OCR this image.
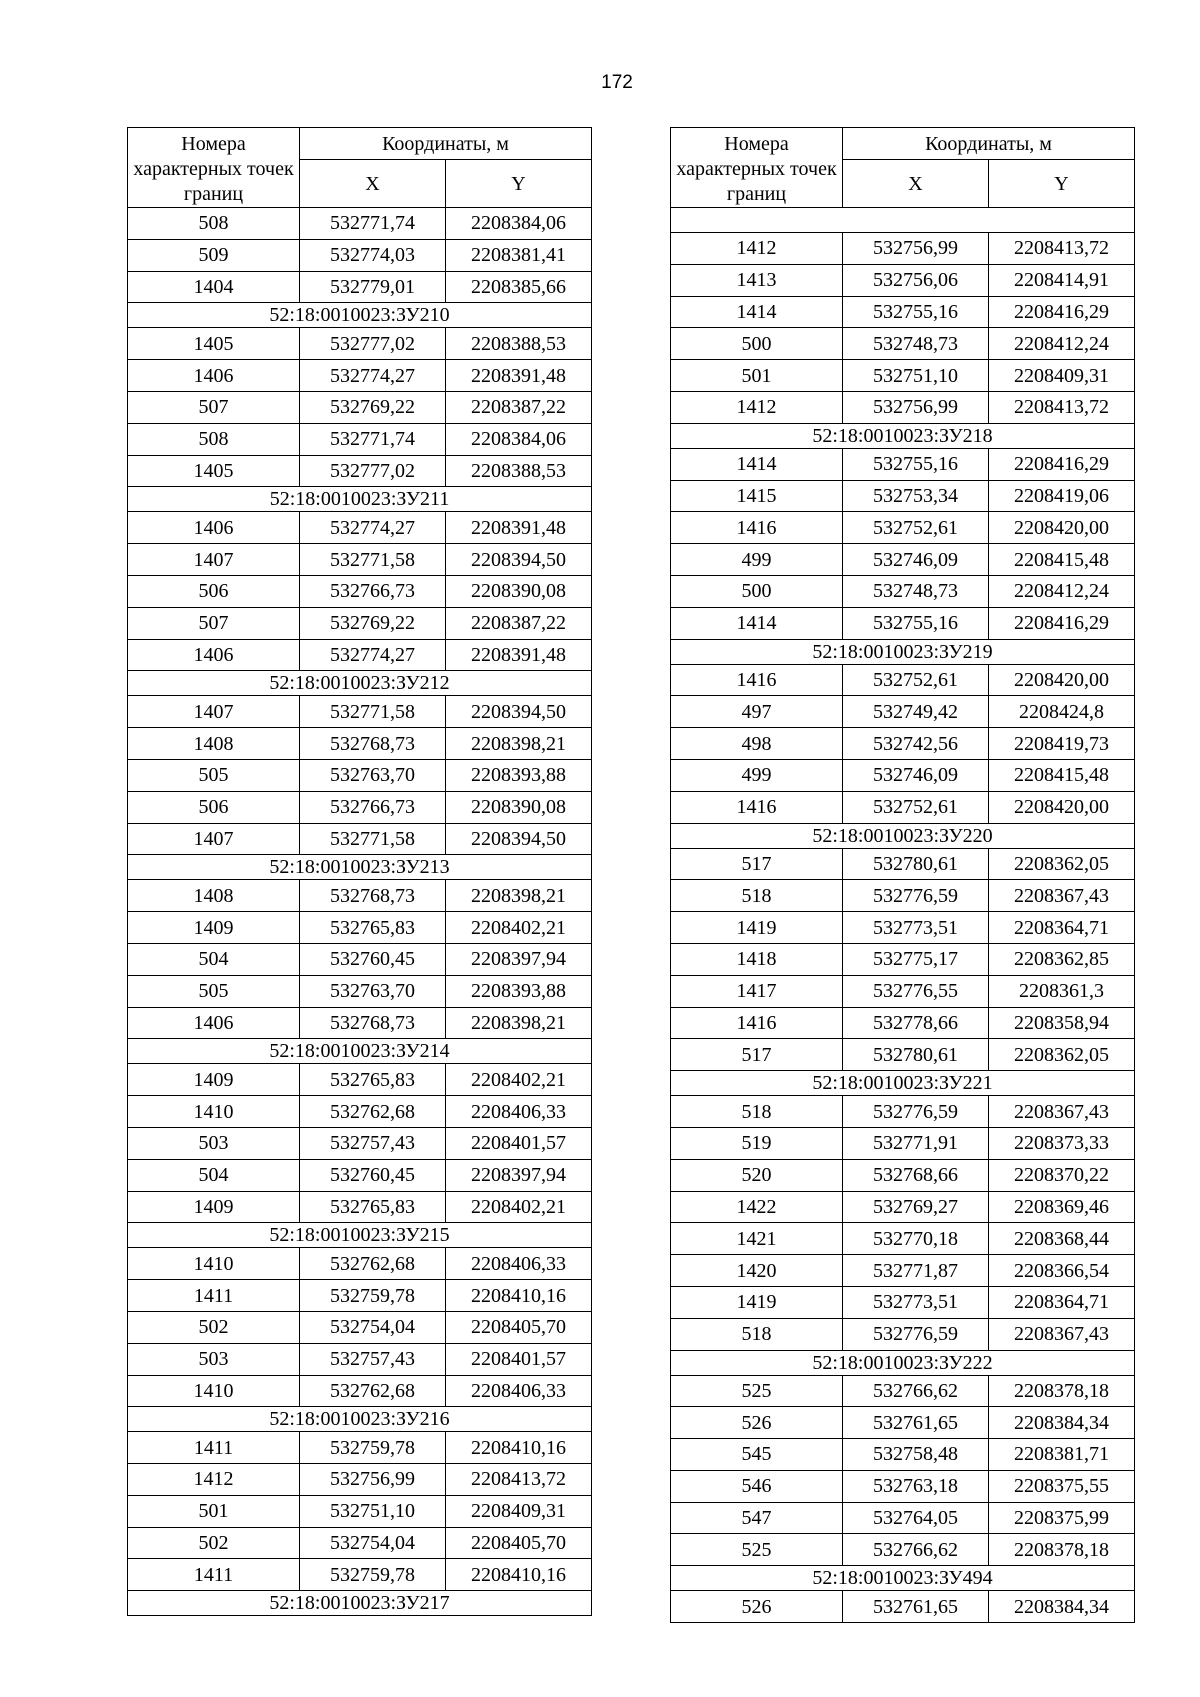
172
Номера характерных точек границ	Координаты, м	
	X	Y
508	532771,74	2208384,06
509	532774,03	2208381,41
1404	532779,01	2208385,66
52:18:0010023:ЗУ210		
1405	532777,02	2208388,53
1406	532774,27	2208391,48
507	532769,22	2208387,22
508	532771,74	2208384,06
1405	532777,02	2208388,53
52:18:0010023:ЗУ211		
1406	532774,27	2208391,48
1407	532771,58	2208394,50
506	532766,73	2208390,08
507	532769,22	2208387,22
1406	532774,27	2208391,48
52:18:0010023:ЗУ212		
1407	532771,58	2208394,50
1408	532768,73	2208398,21
505	532763,70	2208393,88
506	532766,73	2208390,08
1407	532771,58	2208394,50
52:18:0010023:ЗУ213		
1408	532768,73	2208398,21
1409	532765,83	2208402,21
504	532760,45	2208397,94
505	532763,70	2208393,88
1406	532768,73	2208398,21
52:18:0010023:ЗУ214		
1409	532765,83	2208402,21
1410	532762,68	2208406,33
503	532757,43	2208401,57
504	532760,45	2208397,94
1409	532765,83	2208402,21
52:18:0010023:ЗУ215		
1410	532762,68	2208406,33
1411	532759,78	2208410,16
502	532754,04	2208405,70
503	532757,43	2208401,57
1410	532762,68	2208406,33
52:18:0010023:ЗУ216		
1411	532759,78	2208410,16
1412	532756,99	2208413,72
501	532751,10	2208409,31
502	532754,04	2208405,70
1411	532759,78	2208410,16
52:18:0010023:ЗУ217		
Номера характерных точек границ	Координаты, м	
	X	Y

1412	532756,99	2208413,72
1413	532756,06	2208414,91
1414	532755,16	2208416,29
500	532748,73	2208412,24
501	532751,10	2208409,31
1412	532756,99	2208413,72
52:18:0010023:ЗУ218		
1414	532755,16	2208416,29
1415	532753,34	2208419,06
1416	532752,61	2208420,00
499	532746,09	2208415,48
500	532748,73	2208412,24
1414	532755,16	2208416,29
52:18:0010023:ЗУ219		
1416	532752,61	2208420,00
497	532749,42	2208424,8
498	532742,56	2208419,73
499	532746,09	2208415,48
1416	532752,61	2208420,00
52:18:0010023:ЗУ220		
517	532780,61	2208362,05
518	532776,59	2208367,43
1419	532773,51	2208364,71
1418	532775,17	2208362,85
1417	532776,55	2208361,3
1416	532778,66	2208358,94
517	532780,61	2208362,05
52:18:0010023:ЗУ221		
518	532776,59	2208367,43
519	532771,91	2208373,33
520	532768,66	2208370,22
1422	532769,27	2208369,46
1421	532770,18	2208368,44
1420	532771,87	2208366,54
1419	532773,51	2208364,71
518	532776,59	2208367,43
52:18:0010023:ЗУ222		
525	532766,62	2208378,18
526	532761,65	2208384,34
545	532758,48	2208381,71
546	532763,18	2208375,55
547	532764,05	2208375,99
525	532766,62	2208378,18
52:18:0010023:ЗУ494		
526	532761,65	2208384,34
